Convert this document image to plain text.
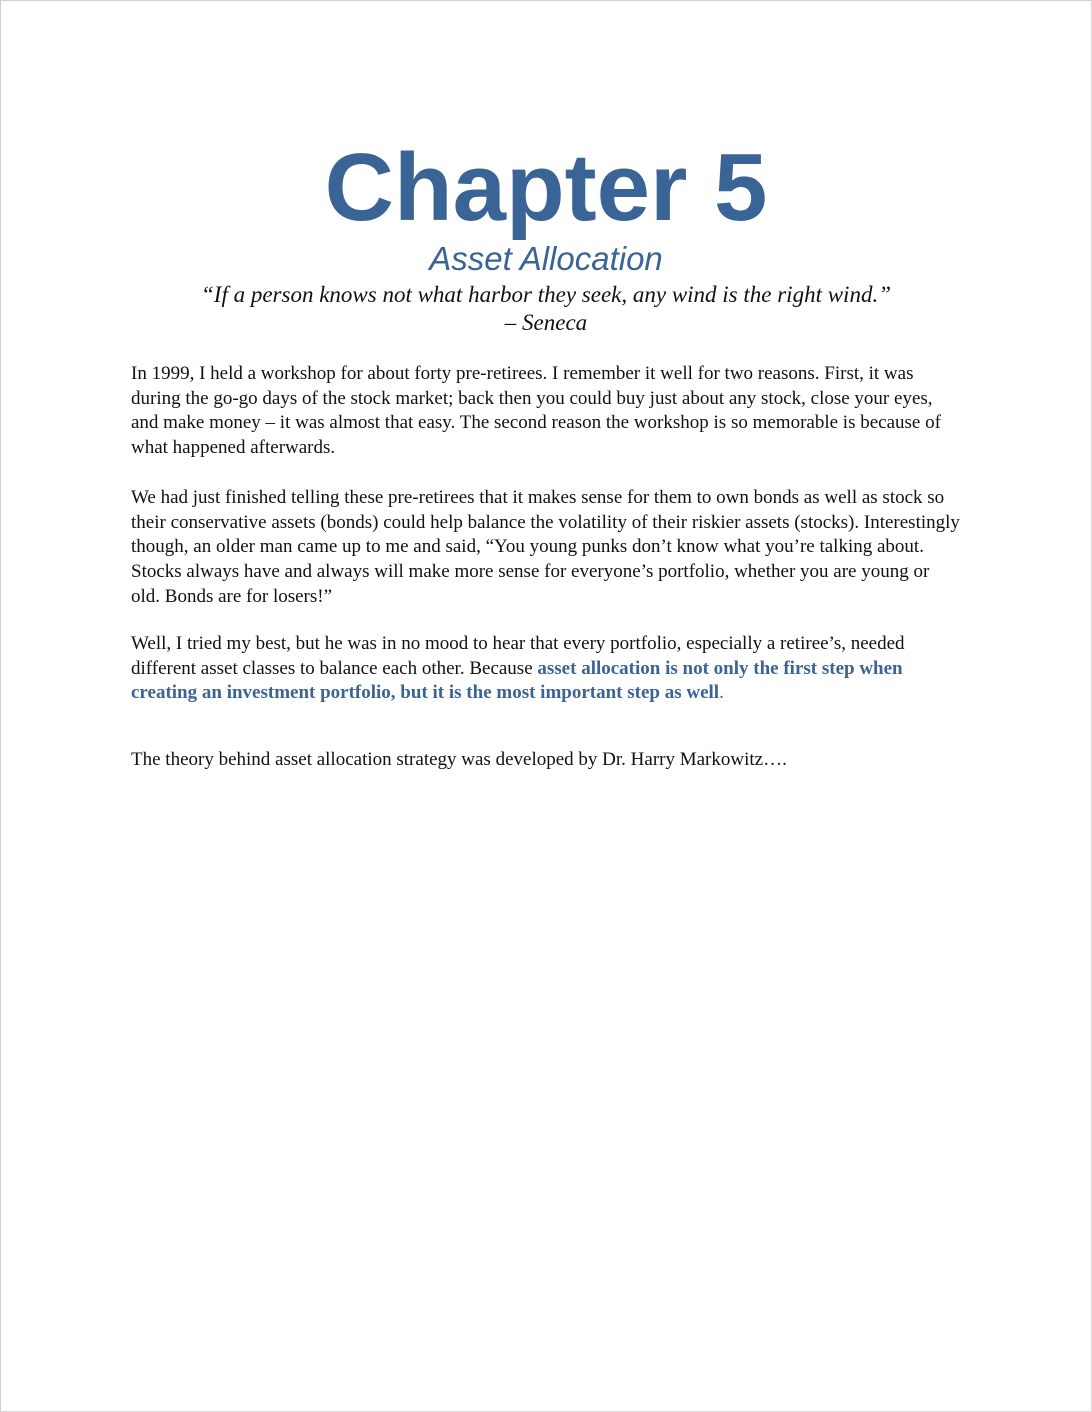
Chapter 5
Asset Allocation
“If a person knows not what harbor they seek, any wind is the right wind.”
– Seneca

In 1999, I held a workshop for about forty pre-retirees. I remember it well for two reasons. First, it was during the go-go days of the stock market; back then you could buy just about any stock, close your eyes, and make money – it was almost that easy. The second reason the workshop is so memorable is because of what happened afterwards.

We had just finished telling these pre-retirees that it makes sense for them to own bonds as well as stock so their conservative assets (bonds) could help balance the volatility of their riskier assets (stocks). Interestingly though, an older man came up to me and said, “You young punks don’t know what you’re talking about. Stocks always have and always will make more sense for everyone’s portfolio, whether you are young or old. Bonds are for losers!”

Well, I tried my best, but he was in no mood to hear that every portfolio, especially a retiree’s, needed different asset classes to balance each other. Because asset allocation is not only the first step when creating an investment portfolio, but it is the most important step as well.

The theory behind asset allocation strategy was developed by Dr. Harry Markowitz….
